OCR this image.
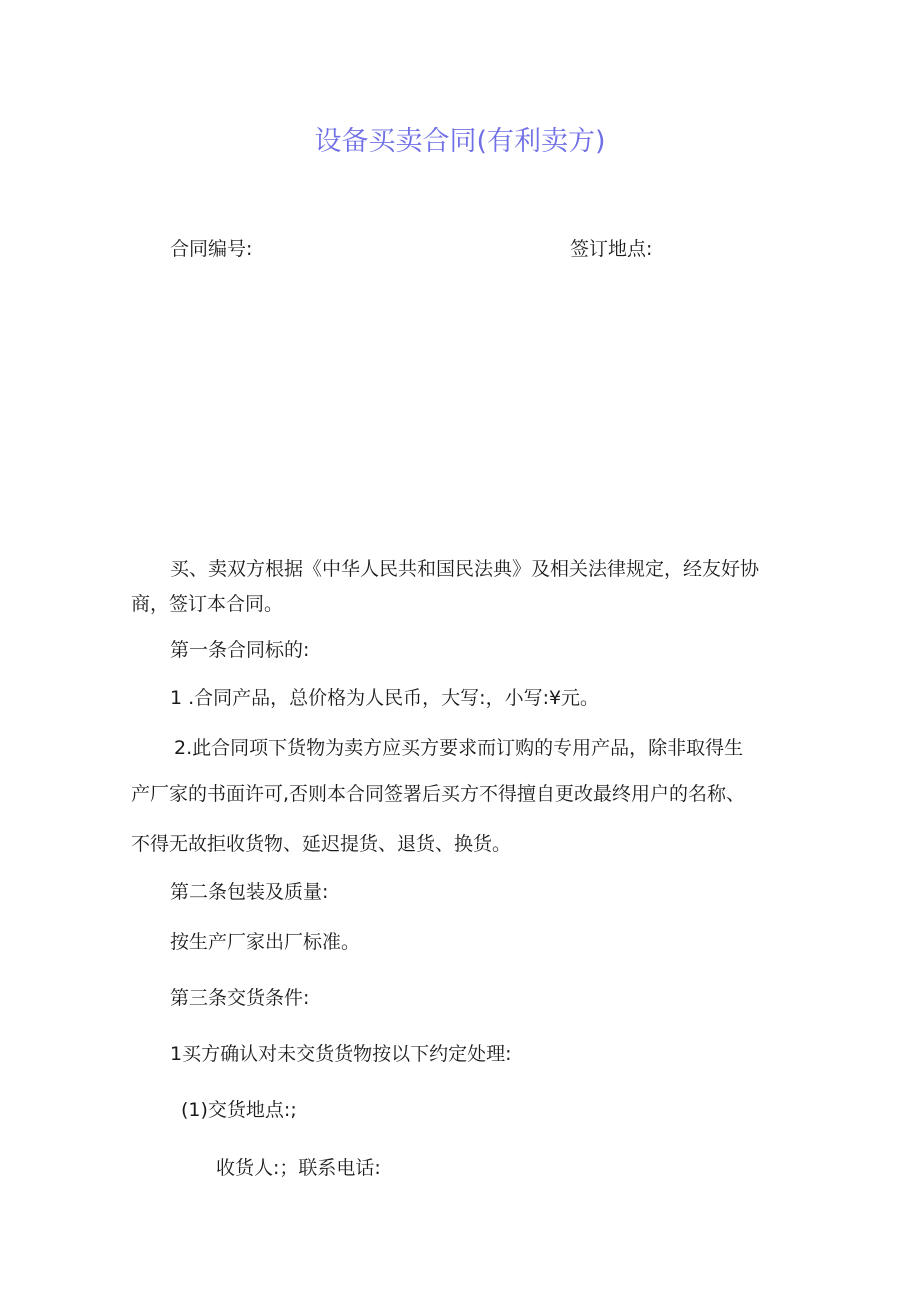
设备买卖合同(有利卖方)
合同编号:	签订地点:
买、卖双方根据《中华人民共和国民法典》及相关法律规定，经友好协
商，签订本合同。
第一条合同标的:
1 .合同产品，总价格为人民币，大写:，小写:¥元。
2.此合同项下货物为卖方应买方要求而订购的专用产品，除非取得生
产厂家的书面许可,否则本合同签署后买方不得擅自更改最终用户的名称、
不得无故拒收货物、延迟提货、退货、换货。
第二条包装及质量:
按生产厂家出厂标准。
第三条交货条件:
1买方确认对未交货货物按以下约定处理:
(1)交货地点:;
收货人:；联系电话:
